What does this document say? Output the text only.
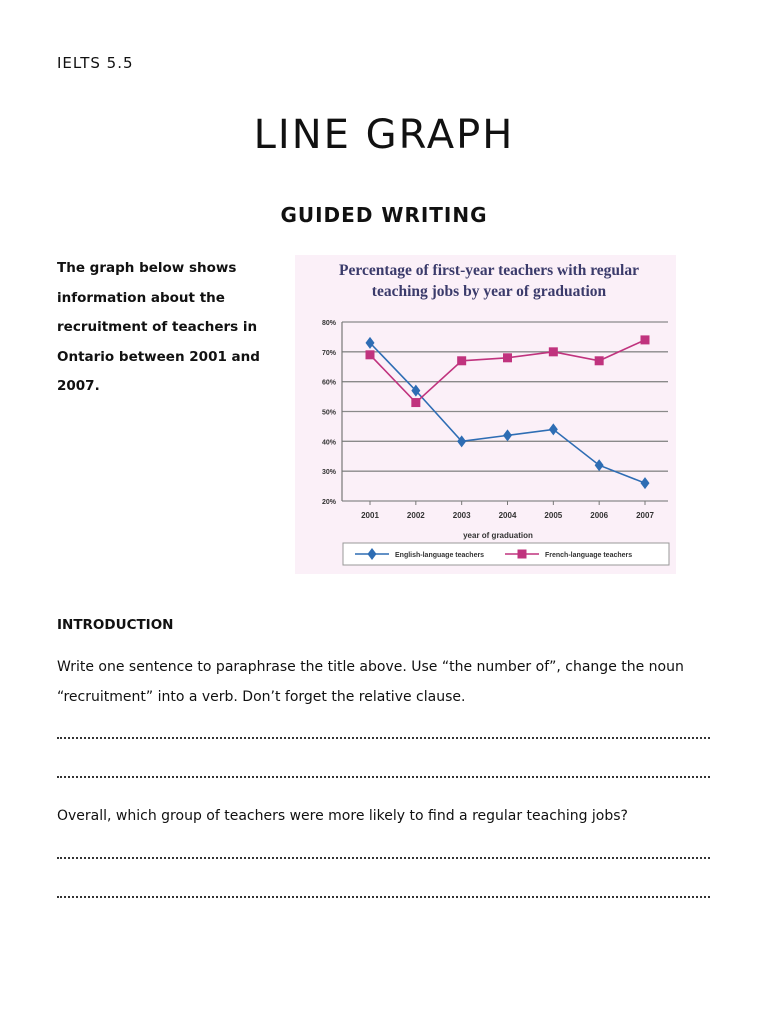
IELTS 5.5
LINE GRAPH
GUIDED WRITING
The graph below shows information about the recruitment of teachers in Ontario between 2001 and 2007.
Percentage of first-year teachers with regular
teaching jobs by year of graduation
20%
30%
40%
50%
60%
70%
80%
2001	2002	2003	2004	2005	2006	2007
year of graduation
English-language teachers	French-language teachers
INTRODUCTION
Write one sentence to paraphrase the title above. Use “the number of”, change the noun “recruitment” into a verb. Don’t forget the relative clause.
Overall, which group of teachers were more likely to find a regular teaching jobs?
